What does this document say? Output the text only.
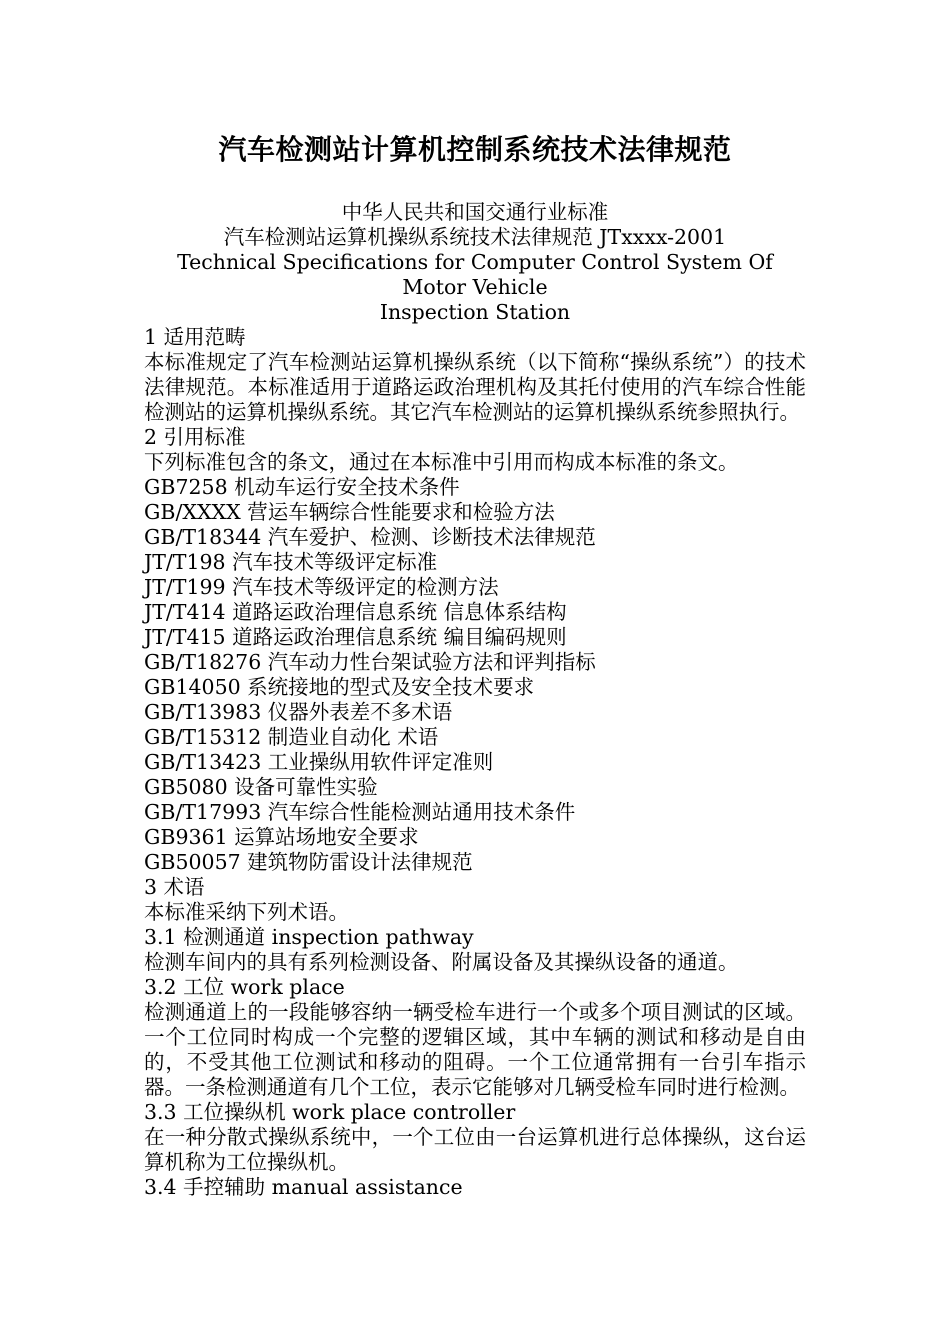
汽车检测站计算机控制系统技术法律规范

中华人民共和国交通行业标准

汽车检测站运算机操纵系统技术法律规范 JTxxxx-2001

Technical Specifications for Computer Control System Of Motor Vehicle

Inspection Station

1 适用范畴

本标准规定了汽车检测站运算机操纵系统（以下简称“操纵系统”）的技术法律规范。本标准适用于道路运政治理机构及其托付使用的汽车综合性能检测站的运算机操纵系统。其它汽车检测站的运算机操纵系统参照执行。

2 引用标准

下列标准包含的条文，通过在本标准中引用而构成本标准的条文。

GB7258 机动车运行安全技术条件

GB/XXXX 营运车辆综合性能要求和检验方法

GB/T18344 汽车爱护、检测、诊断技术法律规范

JT/T198 汽车技术等级评定标准

JT/T199 汽车技术等级评定的检测方法

JT/T414 道路运政治理信息系统 信息体系结构

JT/T415 道路运政治理信息系统 编目编码规则

GB/T18276 汽车动力性台架试验方法和评判指标

GB14050 系统接地的型式及安全技术要求

GB/T13983 仪器外表差不多术语

GB/T15312 制造业自动化 术语

GB/T13423 工业操纵用软件评定准则

GB5080 设备可靠性实验

GB/T17993 汽车综合性能检测站通用技术条件

GB9361 运算站场地安全要求

GB50057 建筑物防雷设计法律规范

3 术语

本标准采纳下列术语。

3.1 检测通道 inspection pathway

检测车间内的具有系列检测设备、附属设备及其操纵设备的通道。

3.2 工位 work place

检测通道上的一段能够容纳一辆受检车进行一个或多个项目测试的区域。一个工位同时构成一个完整的逻辑区域，其中车辆的测试和移动是自由的，不受其他工位测试和移动的阻碍。一个工位通常拥有一台引车指示器。一条检测通道有几个工位，表示它能够对几辆受检车同时进行检测。

3.3 工位操纵机 work place controller

在一种分散式操纵系统中，一个工位由一台运算机进行总体操纵，这台运算机称为工位操纵机。

3.4 手控辅助 manual assistance
